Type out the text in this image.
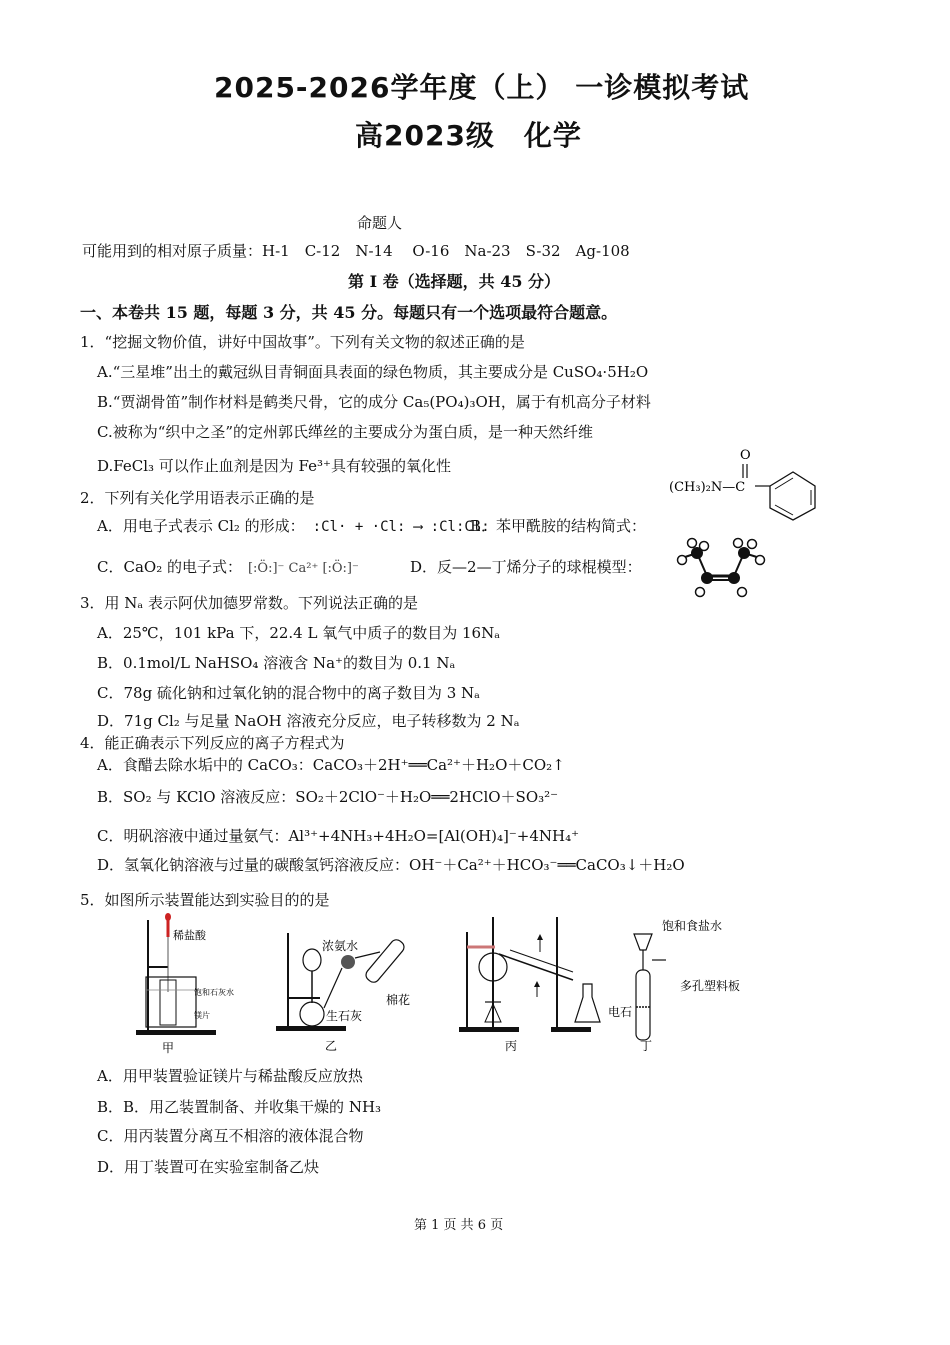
2025-2026学年度（上） 一诊模拟考试
高2023级　化学
命题人
可能用到的相对原子质量：H-1　C-12　N-14　 O-16　Na-23　S-32　Ag-108
第 I 卷（选择题，共 45 分）
一、本卷共 15 题，每题 3 分，共 45 分。每题只有一个选项最符合题意。
1．“挖掘文物价值，讲好中国故事”。下列有关文物的叙述正确的是
A.“三星堆”出土的戴冠纵目青铜面具表面的绿色物质，其主要成分是 CuSO₄·5H₂O
B.“贾湖骨笛”制作材料是鹤类尺骨，它的成分 Ca₅(PO₄)₃OH，属于有机高分子材料
C.被称为“织中之圣”的定州郭氏缂丝的主要成分为蛋白质，是一种天然纤维
D.FeCl₃ 可以作止血剂是因为 Fe³⁺具有较强的氧化性
O
(CH₃)₂N—C
2．下列有关化学用语表示正确的是
A．用电子式表示 Cl₂ 的形成： :Cl· + ·Cl: ⟶ :Cl:Cl:
B．苯甲酰胺的结构简式：
C．CaO₂ 的电子式： [:Ö:]⁻ Ca²⁺ [:Ö:]⁻	D．反—2—丁烯分子的球棍模型：
3．用 Nₐ 表示阿伏加德罗常数。下列说法正确的是
A．25℃，101 kPa 下，22.4 L 氧气中质子的数目为 16Nₐ
B．0.1mol/L NaHSO₄ 溶液含 Na⁺的数目为 0.1 Nₐ
C．78g 硫化钠和过氧化钠的混合物中的离子数目为 3 Nₐ
D．71g Cl₂ 与足量 NaOH 溶液充分反应，电子转移数为 2 Nₐ
4．能正确表示下列反应的离子方程式为
A．食醋去除水垢中的 CaCO₃：CaCO₃＋2H⁺══Ca²⁺＋H₂O＋CO₂↑
B．SO₂ 与 KClO 溶液反应：SO₂＋2ClO⁻＋H₂O══2HClO＋SO₃²⁻
C．明矾溶液中通过量氨气：Al³⁺+4NH₃+4H₂O=[Al(OH)₄]⁻+4NH₄⁺
D．氢氧化钠溶液与过量的碳酸氢钙溶液反应：OH⁻＋Ca²⁺＋HCO₃⁻══CaCO₃↓＋H₂O
5．如图所示装置能达到实验目的的是
稀盐酸
饱和石灰水
镁片
甲
浓氨水
生石灰
棉花
乙	丙
饱和食盐水
多孔塑料板
电石
丁
A．用甲装置验证镁片与稀盐酸反应放热
B．B．用乙装置制备、并收集干燥的 NH₃
C．用丙装置分离互不相溶的液体混合物
D．用丁装置可在实验室制备乙炔
第 1 页 共 6 页
